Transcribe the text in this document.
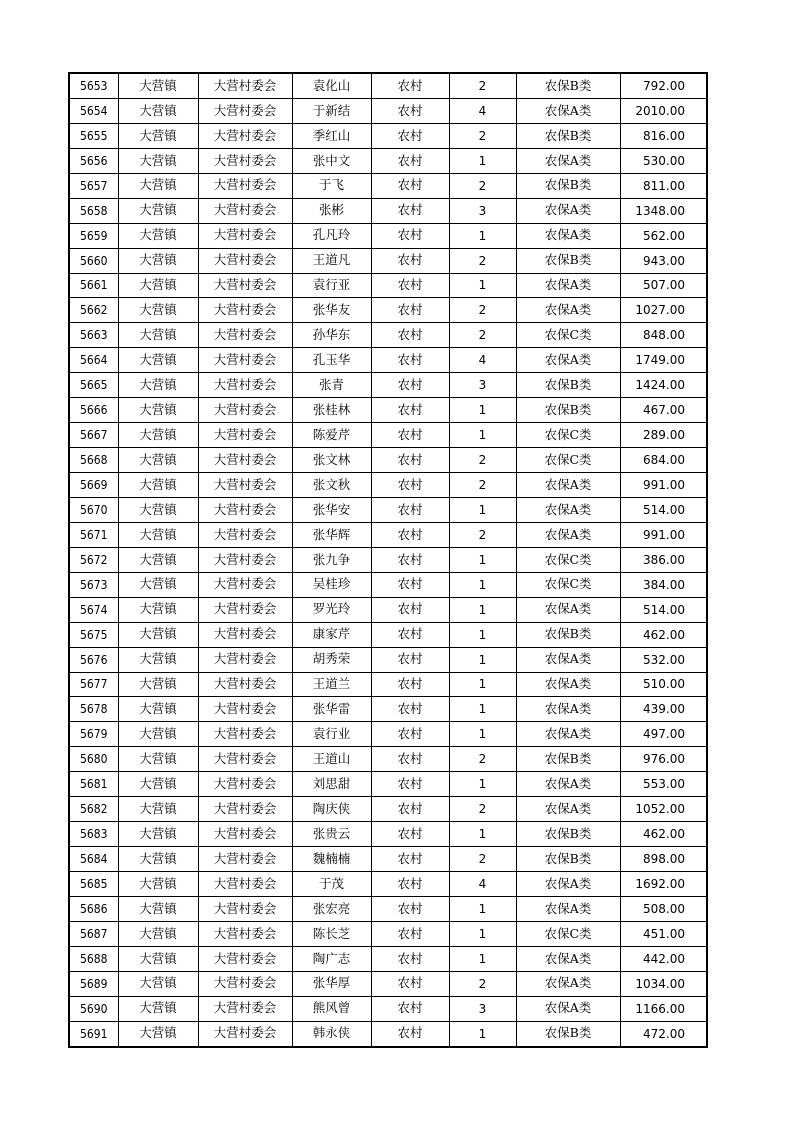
5653	大营镇	大营村委会	袁化山	农村	2	农保B类	792.00
5654	大营镇	大营村委会	于新结	农村	4	农保A类	2010.00
5655	大营镇	大营村委会	季红山	农村	2	农保B类	816.00
5656	大营镇	大营村委会	张中文	农村	1	农保A类	530.00
5657	大营镇	大营村委会	于飞	农村	2	农保B类	811.00
5658	大营镇	大营村委会	张彬	农村	3	农保A类	1348.00
5659	大营镇	大营村委会	孔凡玲	农村	1	农保A类	562.00
5660	大营镇	大营村委会	王道凡	农村	2	农保B类	943.00
5661	大营镇	大营村委会	袁行亚	农村	1	农保A类	507.00
5662	大营镇	大营村委会	张华友	农村	2	农保A类	1027.00
5663	大营镇	大营村委会	孙华东	农村	2	农保C类	848.00
5664	大营镇	大营村委会	孔玉华	农村	4	农保A类	1749.00
5665	大营镇	大营村委会	张青	农村	3	农保B类	1424.00
5666	大营镇	大营村委会	张桂林	农村	1	农保B类	467.00
5667	大营镇	大营村委会	陈爱芹	农村	1	农保C类	289.00
5668	大营镇	大营村委会	张文林	农村	2	农保C类	684.00
5669	大营镇	大营村委会	张文秋	农村	2	农保A类	991.00
5670	大营镇	大营村委会	张华安	农村	1	农保A类	514.00
5671	大营镇	大营村委会	张华辉	农村	2	农保A类	991.00
5672	大营镇	大营村委会	张九争	农村	1	农保C类	386.00
5673	大营镇	大营村委会	吴桂珍	农村	1	农保C类	384.00
5674	大营镇	大营村委会	罗光玲	农村	1	农保A类	514.00
5675	大营镇	大营村委会	康家芹	农村	1	农保B类	462.00
5676	大营镇	大营村委会	胡秀荣	农村	1	农保A类	532.00
5677	大营镇	大营村委会	王道兰	农村	1	农保A类	510.00
5678	大营镇	大营村委会	张华雷	农村	1	农保A类	439.00
5679	大营镇	大营村委会	袁行业	农村	1	农保A类	497.00
5680	大营镇	大营村委会	王道山	农村	2	农保B类	976.00
5681	大营镇	大营村委会	刘思甜	农村	1	农保A类	553.00
5682	大营镇	大营村委会	陶庆侠	农村	2	农保A类	1052.00
5683	大营镇	大营村委会	张贵云	农村	1	农保B类	462.00
5684	大营镇	大营村委会	魏楠楠	农村	2	农保B类	898.00
5685	大营镇	大营村委会	于茂	农村	4	农保A类	1692.00
5686	大营镇	大营村委会	张宏亮	农村	1	农保A类	508.00
5687	大营镇	大营村委会	陈长芝	农村	1	农保C类	451.00
5688	大营镇	大营村委会	陶广志	农村	1	农保A类	442.00
5689	大营镇	大营村委会	张华厚	农村	2	农保A类	1034.00
5690	大营镇	大营村委会	熊风曾	农村	3	农保A类	1166.00
5691	大营镇	大营村委会	韩永侠	农村	1	农保B类	472.00
